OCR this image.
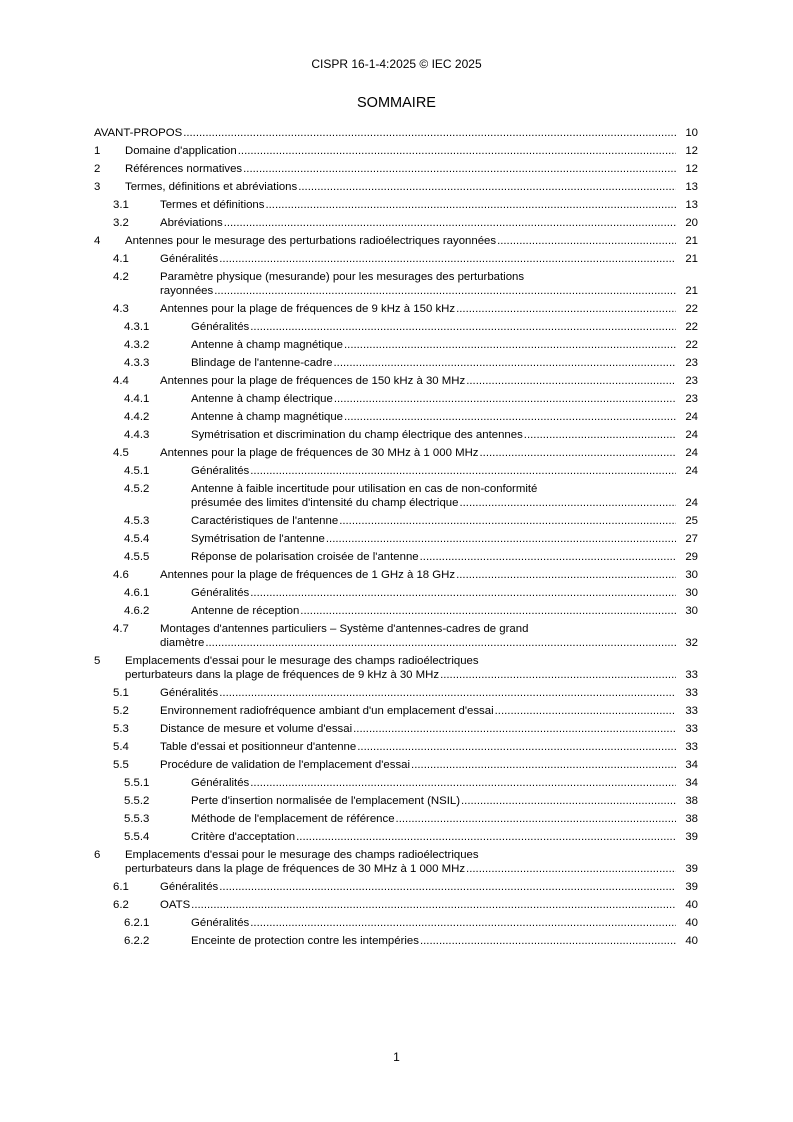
CISPR 16-1-4:2025 © IEC 2025
SOMMAIRE
AVANT-PROPOS .....	10
1 Domaine d'application .....	12
2 Références normatives .....	12
3 Termes, définitions et abréviations .....	13
3.1	Termes et définitions .....	13
3.2	Abréviations .....	20
4 Antennes pour le mesurage des perturbations radioélectriques rayonnées .....	21
4.1	Généralités .....	21
4.2	Paramètre physique (mesurande) pour les mesurages des perturbations
rayonnées .....	21
4.3	Antennes pour la plage de fréquences de 9 kHz à 150 kHz .....	22
4.3.1	Généralités .....	22
4.3.2	Antenne à champ magnétique .....	22
4.3.3	Blindage de l'antenne-cadre .....	23
4.4	Antennes pour la plage de fréquences de 150 kHz à 30 MHz .....	23
4.4.1	Antenne à champ électrique .....	23
4.4.2	Antenne à champ magnétique .....	24
4.4.3	Symétrisation et discrimination du champ électrique des antennes .....	24
4.5	Antennes pour la plage de fréquences de 30 MHz à 1 000 MHz .....	24
4.5.1	Généralités .....	24
4.5.2	Antenne à faible incertitude pour utilisation en cas de non-conformité
présumée des limites d'intensité du champ électrique .....	24
4.5.3	Caractéristiques de l'antenne .....	25
4.5.4	Symétrisation de l'antenne .....	27
4.5.5	Réponse de polarisation croisée de l'antenne .....	29
4.6	Antennes pour la plage de fréquences de 1 GHz à 18 GHz .....	30
4.6.1	Généralités .....	30
4.6.2	Antenne de réception .....	30
4.7	Montages d'antennes particuliers – Système d'antennes-cadres de grand
diamètre .....	32
5 Emplacements d'essai pour le mesurage des champs radioélectriques
perturbateurs dans la plage de fréquences de 9 kHz à 30 MHz .....	33
5.1	Généralités .....	33
5.2	Environnement radiofréquence ambiant d'un emplacement d'essai .....	33
5.3	Distance de mesure et volume d'essai .....	33
5.4	Table d'essai et positionneur d'antenne .....	33
5.5	Procédure de validation de l'emplacement d'essai .....	34
5.5.1	Généralités .....	34
5.5.2	Perte d'insertion normalisée de l'emplacement (NSIL) .....	38
5.5.3	Méthode de l'emplacement de référence .....	38
5.5.4	Critère d'acceptation .....	39
6 Emplacements d'essai pour le mesurage des champs radioélectriques
perturbateurs dans la plage de fréquences de 30 MHz à 1 000 MHz .....	39
6.1	Généralités .....	39
6.2	OATS .....	40
6.2.1	Généralités .....	40
6.2.2	Enceinte de protection contre les intempéries .....	40
1
